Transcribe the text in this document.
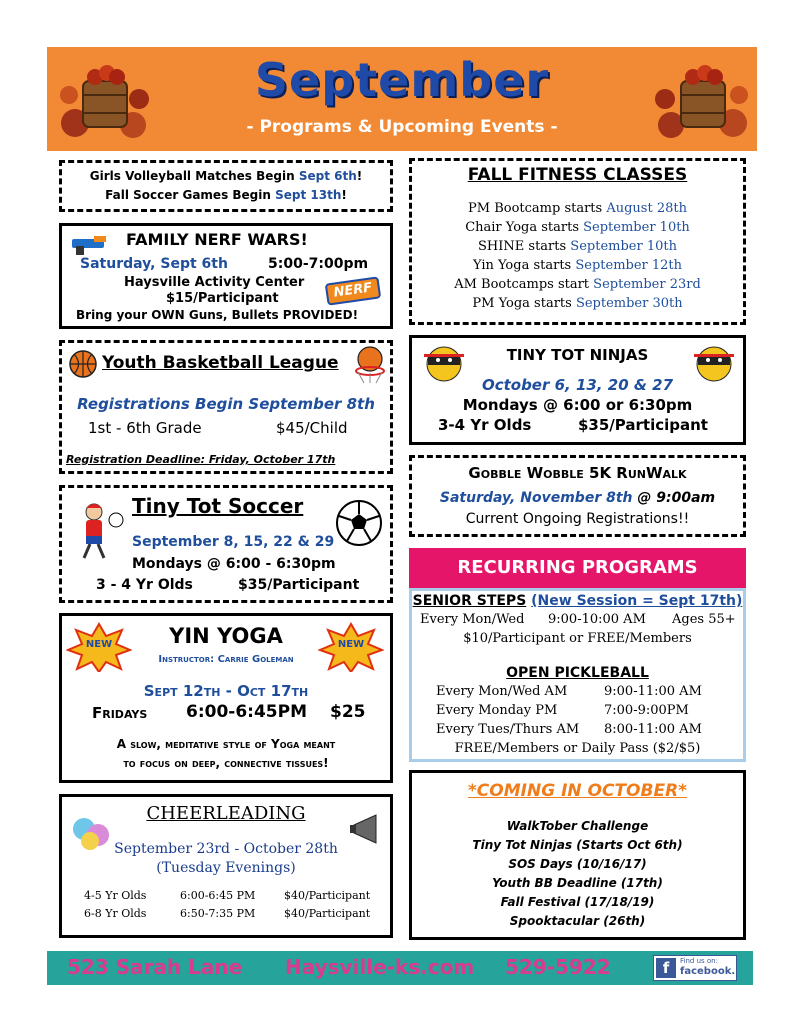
September
- Programs & Upcoming Events -
Girls Volleyball Matches Begin Sept 6th!
Fall Soccer Games Begin Sept 13th!
FAMILY NERF WARS!
Saturday, Sept 6th	5:00-7:00pm
Haysville Activity Center
$15/Participant	NERF
Bring your OWN Guns, Bullets PROVIDED!
Youth Basketball League
Registrations Begin September 8th
1st - 6th Grade	$45/Child
Registration Deadline: Friday, October 17th
Tiny Tot Soccer
September 8, 15, 22 & 29
Mondays @ 6:00 - 6:30pm
3 - 4 Yr Olds	$35/Participant
NEW	NEW
YIN YOGA
Instructor: Carrie Goleman
Sept 12th - Oct 17th
Fridays 6:00-6:45PM $25
A slow, meditative style of Yoga meant
to focus on deep, connective tissues!
CHEERLEADING
September 23rd - October 28th
(Tuesday Evenings)
4-5 Yr Olds	6:00-6:45 PM	$40/Participant
6-8 Yr Olds	6:50-7:35 PM	$40/Participant
FALL FITNESS CLASSES
PM Bootcamp starts August 28th
Chair Yoga starts September 10th
SHINE starts September 10th
Yin Yoga starts September 12th
AM Bootcamps start September 23rd
PM Yoga starts September 30th
TINY TOT NINJAS
October 6, 13, 20 & 27
Mondays @ 6:00 or 6:30pm
3-4 Yr Olds	$35/Participant
Gobble Wobble 5K RunWalk
Saturday, November 8th @ 9:00am
Current Ongoing Registrations!!
RECURRING PROGRAMS
SENIOR STEPS (New Session = Sept 17th)
Every Mon/Wed 9:00-10:00 AM Ages 55+
$10/Participant or FREE/Members
OPEN PICKLEBALL
Every Mon/Wed AM	9:00-11:00 AM
Every Monday PM	7:00-9:00PM
Every Tues/Thurs AM 8:00-11:00 AM
FREE/Members or Daily Pass ($2/$5)
*COMING IN OCTOBER*
WalkTober Challenge
Tiny Tot Ninjas (Starts Oct 6th)
SOS Days (10/16/17)
Youth BB Deadline (17th)
Fall Festival (17/18/19)
Spooktacular (26th)
523 Sarah Lane Haysville-ks.com 529-5922	f	Find us on:
facebook.
